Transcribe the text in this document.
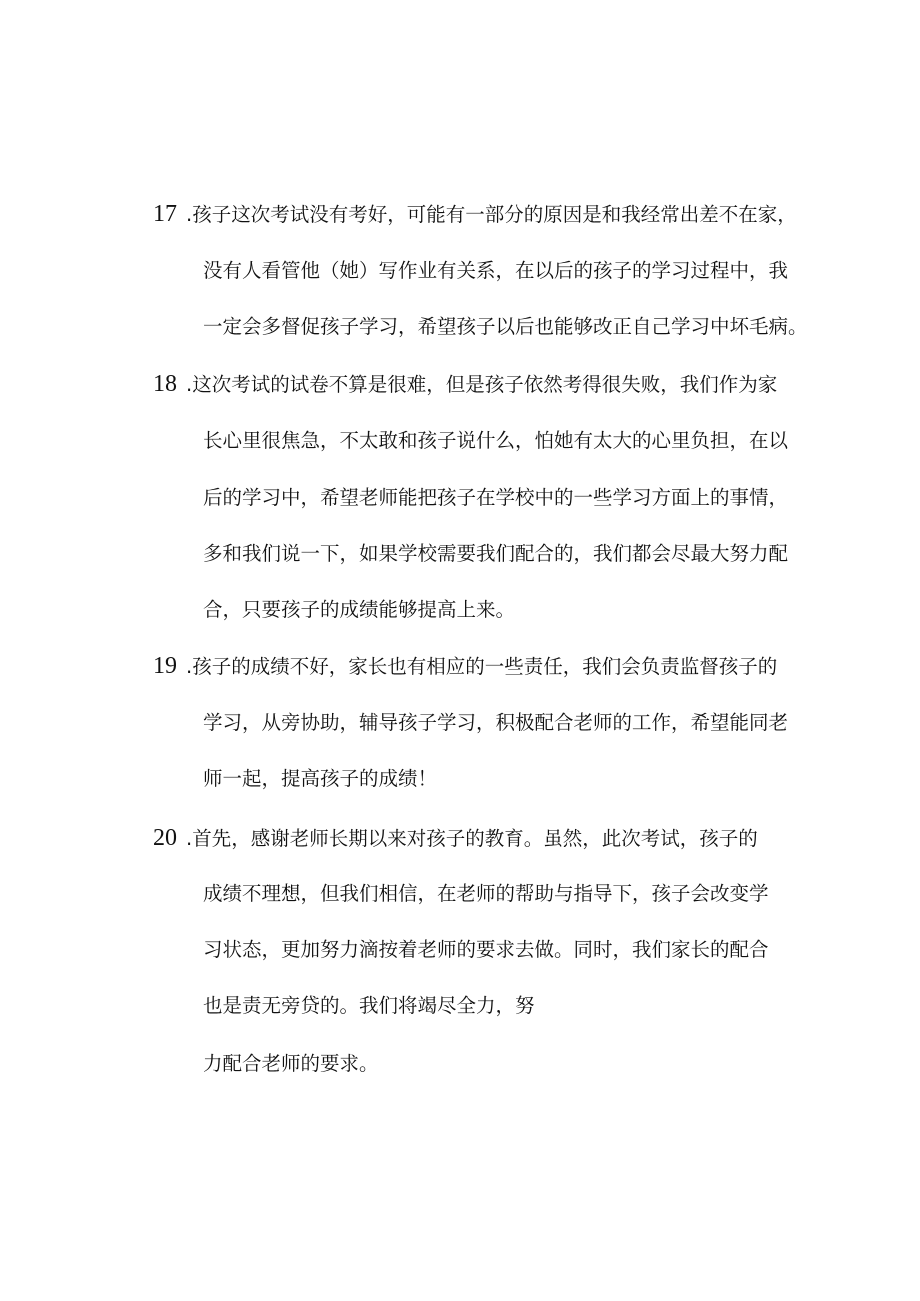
17 .孩子这次考试没有考好，可能有一部分的原因是和我经常出差不在家，
没有人看管他（她）写作业有关系，在以后的孩子的学习过程中，我
一定会多督促孩子学习，希望孩子以后也能够改正自己学习中坏毛病。
18 .这次考试的试卷不算是很难，但是孩子依然考得很失败，我们作为家
长心里很焦急，不太敢和孩子说什么，怕她有太大的心里负担，在以
后的学习中，希望老师能把孩子在学校中的一些学习方面上的事情，
多和我们说一下，如果学校需要我们配合的，我们都会尽最大努力配
合，只要孩子的成绩能够提高上来。
19 .孩子的成绩不好，家长也有相应的一些责任，我们会负责监督孩子的
学习，从旁协助，辅导孩子学习，积极配合老师的工作，希望能同老
师一起，提高孩子的成绩！
20 .首先，感谢老师长期以来对孩子的教育。虽然，此次考试，孩子的
成绩不理想，但我们相信，在老师的帮助与指导下，孩子会改变学
习状态，更加努力滴按着老师的要求去做。同时，我们家长的配合
也是责无旁贷的。我们将竭尽全力，努
力配合老师的要求。
